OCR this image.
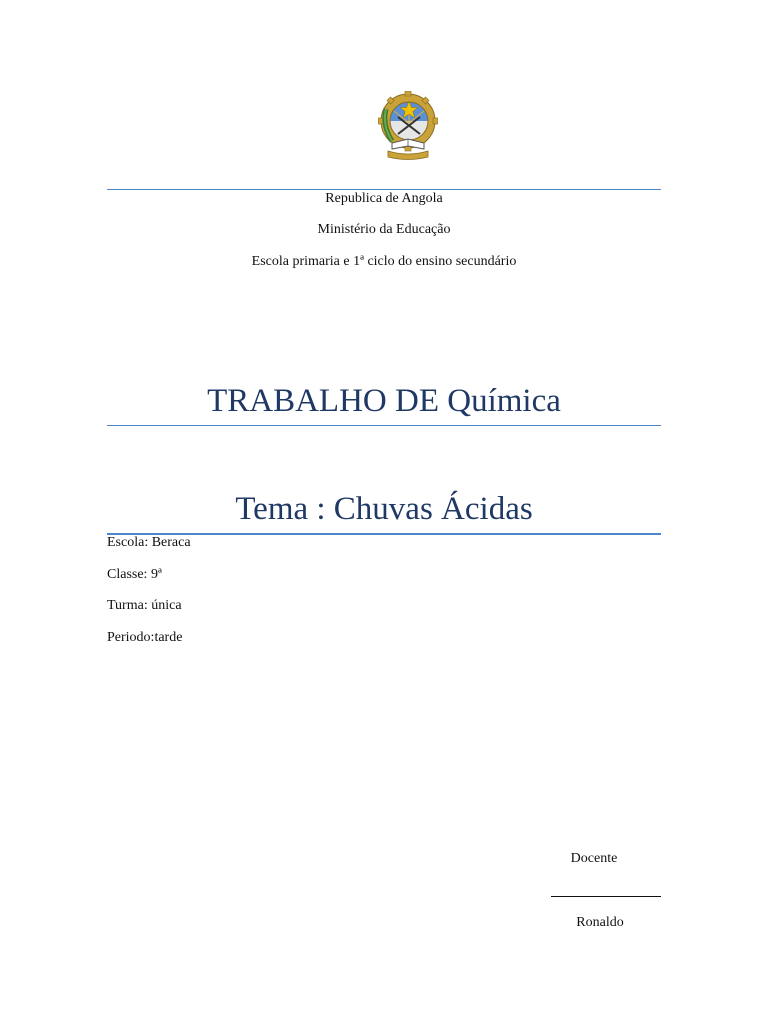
Republica de Angola
Ministério da Educação
Escola primaria e 1ª ciclo do ensino secundário
TRABALHO DE Química
Tema : Chuvas Ácidas
Escola: Beraca
Classe: 9ª
Turma: única
Periodo:tarde
Docente
Ronaldo
